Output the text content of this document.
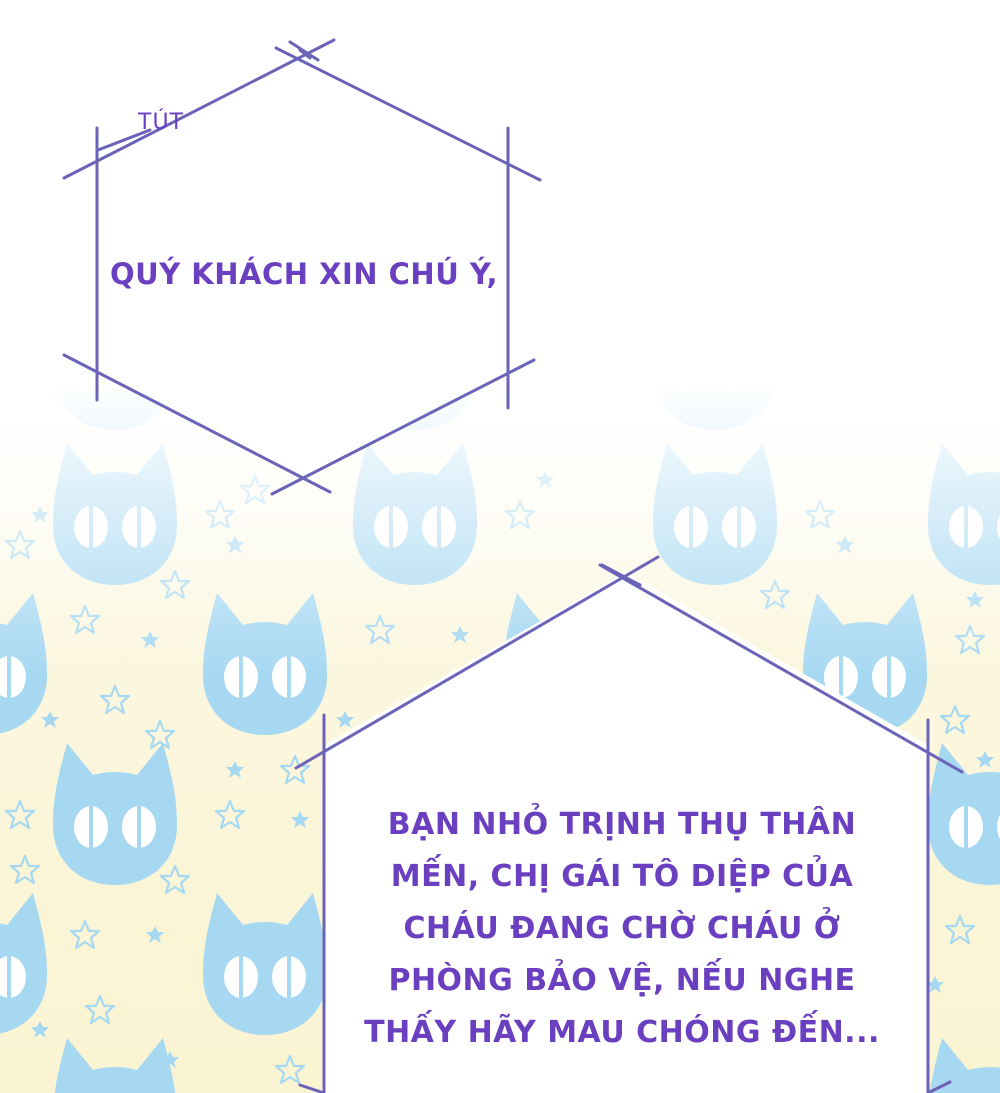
TÚT

QUÝ KHÁCH XIN CHÚ Ý,

BẠN NHỎ TRỊNH THỤ THÂN

MẾN, CHỊ GÁI TÔ DIỆP CỦA

CHÁU ĐANG CHỜ CHÁU Ở

PHÒNG BẢO VỆ, NẾU NGHE

THẤY HÃY MAU CHÓNG ĐẾN...
